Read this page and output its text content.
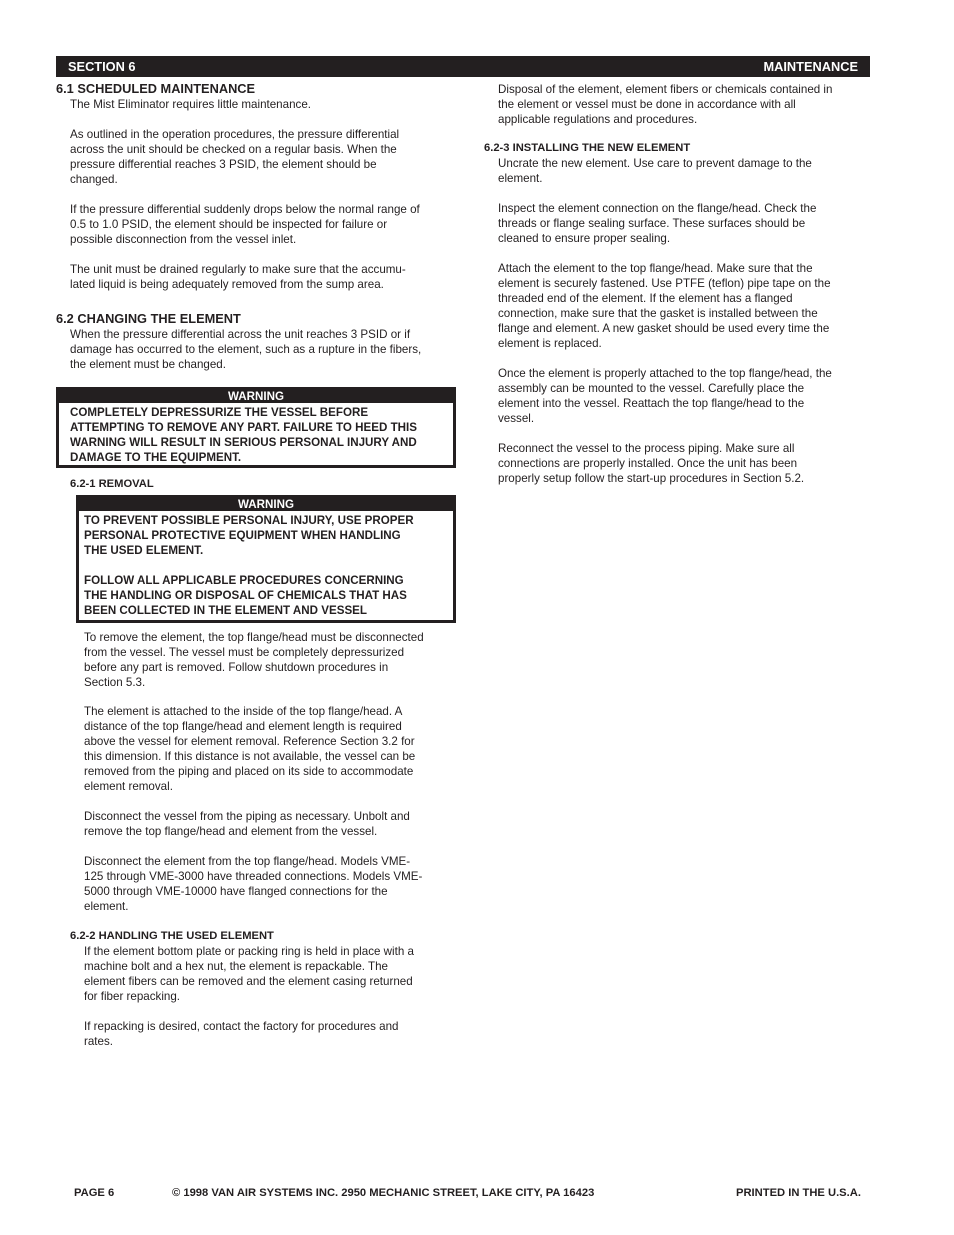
SECTION 6	MAINTENANCE
6.1 SCHEDULED MAINTENANCE

The Mist Eliminator requires little maintenance.

As outlined in the operation procedures, the pressure differential
across the unit should be checked on a regular basis. When the
pressure differential reaches 3 PSID, the element should be
changed.

If the pressure differential suddenly drops below the normal range of
0.5 to 1.0 PSID, the element should be inspected for failure or
possible disconnection from the vessel inlet.

The unit must be drained regularly to make sure that the accumu-
lated liquid is being adequately removed from the sump area.

6.2 CHANGING THE ELEMENT

When the pressure differential across the unit reaches 3 PSID or if
damage has occurred to the element, such as a rupture in the fibers,
the element must be changed.

WARNING

COMPLETELY DEPRESSURIZE THE VESSEL BEFORE
ATTEMPTING TO REMOVE ANY PART. FAILURE TO HEED THIS
WARNING WILL RESULT IN SERIOUS PERSONAL INJURY AND
DAMAGE TO THE EQUIPMENT.

6.2-1 REMOVAL
WARNING

TO PREVENT POSSIBLE PERSONAL INJURY, USE PROPER
PERSONAL PROTECTIVE EQUIPMENT WHEN HANDLING
THE USED ELEMENT.

FOLLOW ALL APPLICABLE PROCEDURES CONCERNING
THE HANDLING OR DISPOSAL OF CHEMICALS THAT HAS
BEEN COLLECTED IN THE ELEMENT AND VESSEL

To remove the element, the top flange/head must be disconnected
from the vessel. The vessel must be completely depressurized
before any part is removed. Follow shutdown procedures in
Section 5.3.

The element is attached to the inside of the top flange/head. A
distance of the top flange/head and element length is required
above the vessel for element removal. Reference Section 3.2 for
this dimension. If this distance is not available, the vessel can be
removed from the piping and placed on its side to accommodate
element removal.

Disconnect the vessel from the piping as necessary. Unbolt and
remove the top flange/head and element from the vessel.

Disconnect the element from the top flange/head. Models VME-
125 through VME-3000 have threaded connections. Models VME-
5000 through VME-10000 have flanged connections for the
element.

6.2-2 HANDLING THE USED ELEMENT

If the element bottom plate or packing ring is held in place with a
machine bolt and a hex nut, the element is repackable. The
element fibers can be removed and the element casing returned
for fiber repacking.

If repacking is desired, contact the factory for procedures and
rates.

Disposal of the element, element fibers or chemicals contained in
the element or vessel must be done in accordance with all
applicable regulations and procedures.

6.2-3 INSTALLING THE NEW ELEMENT

Uncrate the new element. Use care to prevent damage to the
element.

Inspect the element connection on the flange/head. Check the
threads or flange sealing surface. These surfaces should be
cleaned to ensure proper sealing.

Attach the element to the top flange/head. Make sure that the
element is securely fastened. Use PTFE (teflon) pipe tape on the
threaded end of the element. If the element has a flanged
connection, make sure that the gasket is installed between the
flange and element. A new gasket should be used every time the
element is replaced.

Once the element is properly attached to the top flange/head, the
assembly can be mounted to the vessel. Carefully place the
element into the vessel. Reattach the top flange/head to the
vessel.

Reconnect the vessel to the process piping. Make sure all
connections are properly installed. Once the unit has been
properly setup follow the start-up procedures in Section 5.2.

PAGE 6	© 1998 VAN AIR SYSTEMS INC. 2950 MECHANIC STREET, LAKE CITY, PA 16423	PRINTED IN THE U.S.A.
